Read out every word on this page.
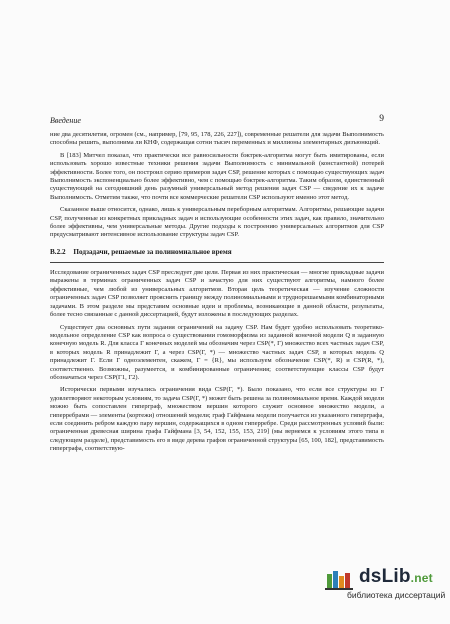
Введение	9

ние два десятилетия, огромен (см., например, [79, 95, 178, 226, 227]), современные решатели для задачи Выполнимость способны решить, выполнима ли КНФ, содержащая сотни тысяч переменных и миллионы элементарных дизъюнкций.

В [183] Митчел показал, что практически все равносильности бэктрек-алгоритма могут быть имитированы, если использовать хорошо известные техники решения задачи Выполнимость с минимальной (константной) потерей эффективности. Более того, он построил серию примеров задач CSP, решение которых с помощью существующих задач Выполнимость экспоненциально более эффективно, чем с помощью бэктрек-алгоритма. Таким образом, единственный существующий на сегодняшний день разумный универсальный метод решения задач CSP — сведение их к задаче Выполнимость. Отметим также, что почти все коммерческие решатели CSP используют именно этот метод.

Сказанное выше относится, однако, лишь к универсальным переборным алгоритмам. Алгоритмы, решающие задачи CSP, полученные из конкретных прикладных задач и использующие особенности этих задач, как правило, значительно более эффективны, чем универсальные методы. Другие подходы к построению универсальных алгоритмов для CSP предусматривают интенсивное использование структуры задач CSP.

B.2.2 Подзадачи, решаемые за полиномиальное время

Исследование ограниченных задач CSP преследует две цели. Первая из них практическая — многие прикладные задачи выражены в терминах ограниченных задач CSP и зачастую для них существуют алгоритмы, намного более эффективные, чем любой из универсальных алгоритмов. Вторая цель теоретическая — изучение сложности ограниченных задач CSP позволяет прояснить границу между полиномиальными и труднорешаемыми комбинаторными задачами. В этом разделе мы представим основные идеи и проблемы, возникающие в данной области, результаты, более тесно связанные с данной диссертацией, будут изложены в последующих разделах.

Существует два основных пути задания ограничений на задачу CSP. Нам будет удобно использовать теоретико-модельное определение CSP как вопроса о существовании гомоморфизма из заданной конечной модели Q в заданную конечную модель R. Для класса Г конечных моделей мы обозначим через CSP(*, Г) множество всех частных задач CSP, в которых модель R принадлежит Г, а через CSP(Г, *) — множество частных задач CSP, в которых модель Q принадлежит Г. Если Г одноэлементен, скажем, Г = {R}, мы используем обозначение CSP(*, R) и CSP(R, *), соответственно. Возможны, разумеется, и комбинированные ограничения; соответствующие классы CSP будут обозначаться через CSP(Г1, Г2).

Исторически первыми изучались ограничения вида CSP(Г, *). Было показано, что если все структуры из Г удовлетворяют некоторым условиям, то задача CSP(Г, *) может быть решена за полиномиальное время. Каждой модели можно быть сопоставлен гиперграф, множеством вершин которого служит основное множество модели, а гиперребрами — элементы (кортежи) отношений модели; граф Гайфмана модели получается из указанного гиперграфа, если соединить ребром каждую пару вершин, содержащихся в одном гиперребре. Среди рассмотренных условий были: ограниченная древесная ширина графа Гайфмана [3, 54, 152, 155, 153, 219] (мы вернемся к условиям этого типа в следующем разделе), представимость его в виде дерева графов ограниченной структуры [65, 100, 182], представимость гиперграфа, соответствую-

dsLib.net
библиотека диссертаций
